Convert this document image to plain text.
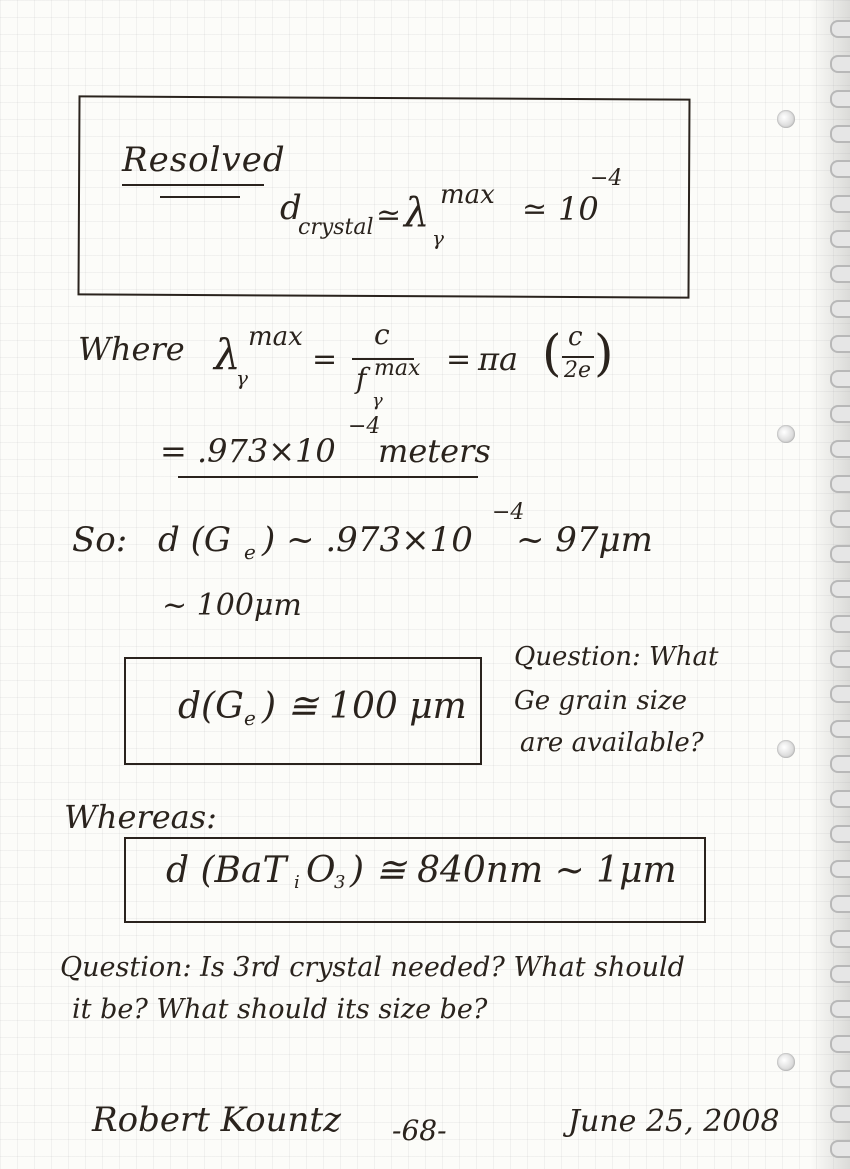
Resolved
d
crystal ≃ λ max
γ
≃ 10
−4
Where λ max
γ
=
c
f max
γ
= πa ( c
2e )
= .973×10
−4
meters
So: d (G e ) ~ .973×10
−4
~ 97μm
~ 100μm
d(G e ) ≅ 100 μm
Question: What
Ge grain size
are available?
Whereas:
d (BaT i O
3 ) ≅ 840nm ~ 1μm
Question: Is 3rd crystal needed? What should
it be? What should its size be?
Robert Kountz -68-	June 25, 2008
